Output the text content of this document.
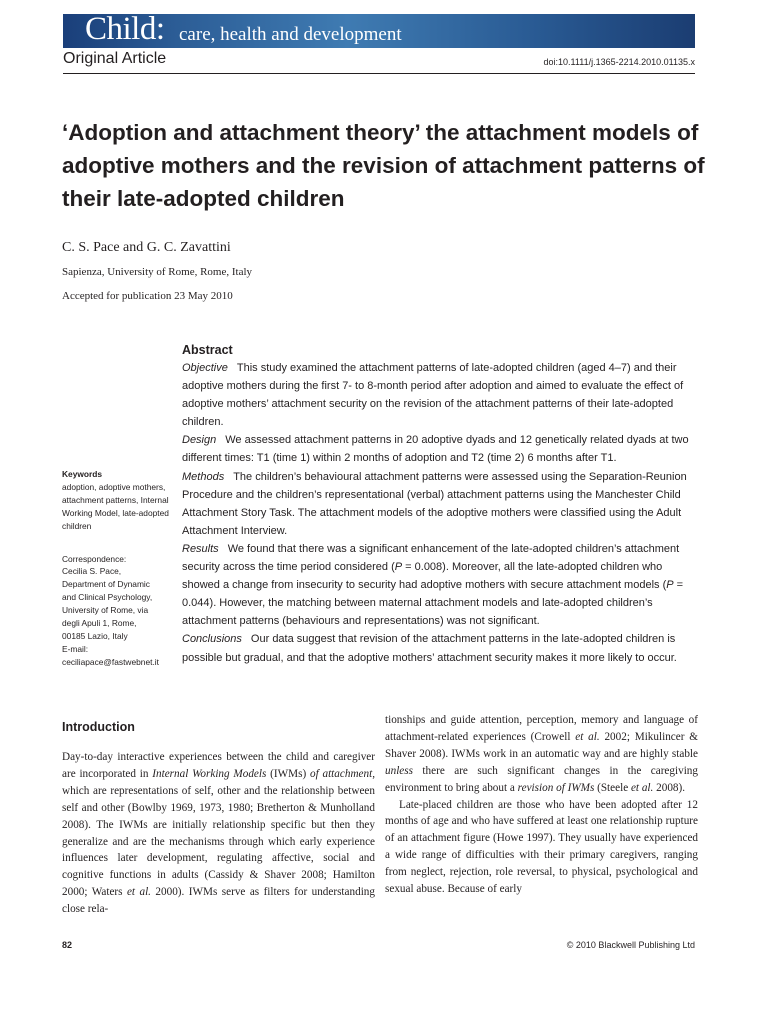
Child: care, health and development
Original Article	doi:10.1111/j.1365-2214.2010.01135.x
‘Adoption and attachment theory’ the attachment models of adoptive mothers and the revision of attachment patterns of their late-adopted children
C. S. Pace and G. C. Zavattini
Sapienza, University of Rome, Rome, Italy
Accepted for publication 23 May 2010
Abstract

Objective This study examined the attachment patterns of late-adopted children (aged 4–7) and their adoptive mothers during the first 7- to 8-month period after adoption and aimed to evaluate the effect of adoptive mothers’ attachment security on the revision of the attachment patterns of their late-adopted children.

Design We assessed attachment patterns in 20 adoptive dyads and 12 genetically related dyads at two different times: T1 (time 1) within 2 months of adoption and T2 (time 2) 6 months after T1.

Methods The children’s behavioural attachment patterns were assessed using the Separation-Reunion Procedure and the children’s representational (verbal) attachment patterns using the Manchester Child Attachment Story Task. The attachment models of the adoptive mothers were classified using the Adult Attachment Interview.

Results We found that there was a significant enhancement of the late-adopted children’s attachment security across the time period considered (P = 0.008). Moreover, all the late-adopted children who showed a change from insecurity to security had adoptive mothers with secure attachment models (P = 0.044). However, the matching between maternal attachment models and late-adopted children’s attachment patterns (behaviours and representations) was not significant.

Conclusions Our data suggest that revision of the attachment patterns in the late-adopted children is possible but gradual, and that the adoptive mothers’ attachment security makes it more likely to occur.

Keywords
adoption, adoptive mothers, attachment patterns, Internal Working Model, late-adopted children
Correspondence:
Cecilia S. Pace,
Department of Dynamic
and Clinical Psychology,
University of Rome, via
degli Apuli 1, Rome,
00185 Lazio, Italy
E-mail:
ceciliapace@fastwebnet.it
Introduction

Day-to-day interactive experiences between the child and caregiver are incorporated in Internal Working Models (IWMs) of attachment, which are representations of self, other and the relationship between self and other (Bowlby 1969, 1973, 1980; Bretherton & Munholland 2008). The IWMs are initially relationship specific but then they generalize and are the mechanisms through which early experience influences later development, regulating affective, social and cognitive functions in adults (Cassidy & Shaver 2008; Hamilton 2000; Waters et al. 2000). IWMs serve as filters for understanding close rela-

tionships and guide attention, perception, memory and language of attachment-related experiences (Crowell et al. 2002; Mikulincer & Shaver 2008). IWMs work in an automatic way and are highly stable unless there are such significant changes in the caregiving environment to bring about a revision of IWMs (Steele et al. 2008).

Late-placed children are those who have been adopted after 12 months of age and who have suffered at least one relationship rupture of an attachment figure (Howe 1997). They usually have experienced a wide range of difficulties with their primary caregivers, ranging from neglect, rejection, role reversal, to physical, psychological and sexual abuse. Because of early

82	© 2010 Blackwell Publishing Ltd
